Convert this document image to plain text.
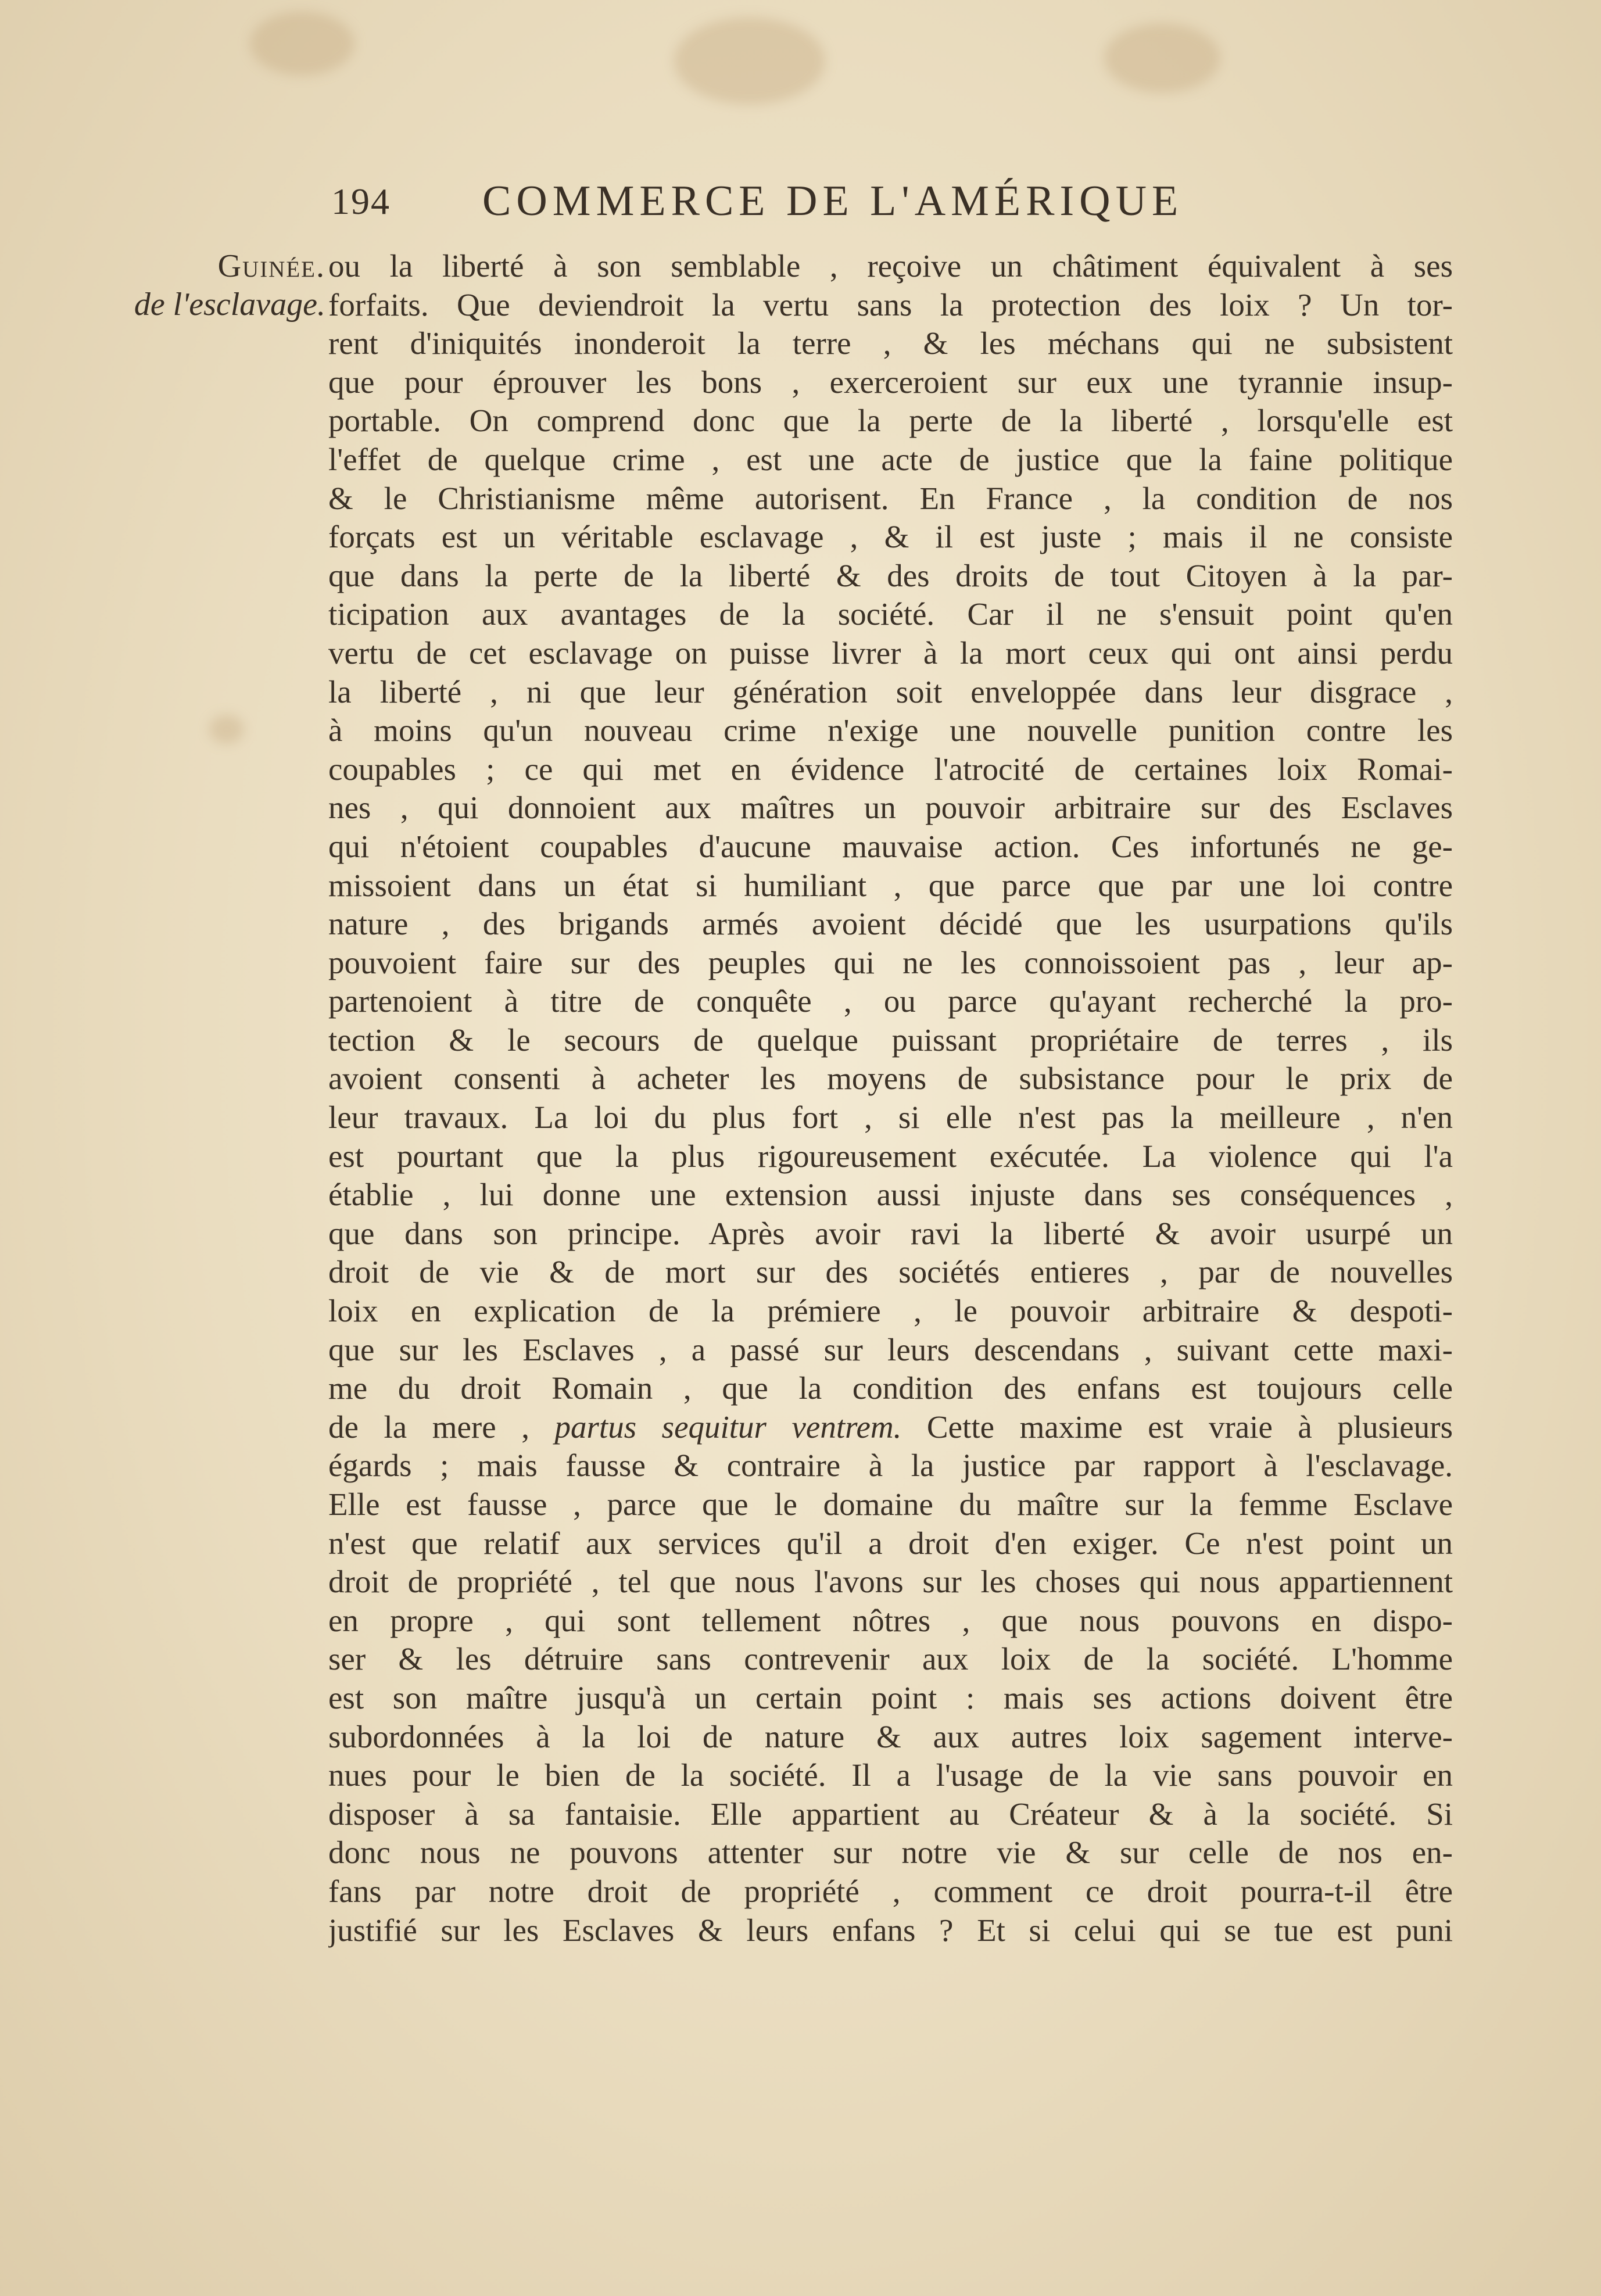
194 COMMERCE DE L'AMÉRIQUE
Guinée.
de l'esclavage.
ou la liberté à son semblable , reçoive un châtiment équivalent à ses
forfaits. Que deviendroit la vertu sans la protection des loix ? Un tor-
rent d'iniquités inonderoit la terre , & les méchans qui ne subsistent
que pour éprouver les bons , exerceroient sur eux une tyrannie insup-
portable. On comprend donc que la perte de la liberté , lorsqu'elle est
l'effet de quelque crime , est une acte de justice que la faine politique
& le Christianisme même autorisent. En France , la condition de nos
forçats est un véritable esclavage , & il est juste ; mais il ne consiste
que dans la perte de la liberté & des droits de tout Citoyen à la par-
ticipation aux avantages de la société. Car il ne s'ensuit point qu'en
vertu de cet esclavage on puisse livrer à la mort ceux qui ont ainsi perdu
la liberté , ni que leur génération soit enveloppée dans leur disgrace ,
à moins qu'un nouveau crime n'exige une nouvelle punition contre les
coupables ; ce qui met en évidence l'atrocité de certaines loix Romai-
nes , qui donnoient aux maîtres un pouvoir arbitraire sur des Esclaves
qui n'étoient coupables d'aucune mauvaise action. Ces infortunés ne ge-
missoient dans un état si humiliant , que parce que par une loi contre
nature , des brigands armés avoient décidé que les usurpations qu'ils
pouvoient faire sur des peuples qui ne les connoissoient pas , leur ap-
partenoient à titre de conquête , ou parce qu'ayant recherché la pro-
tection & le secours de quelque puissant propriétaire de terres , ils
avoient consenti à acheter les moyens de subsistance pour le prix de
leur travaux. La loi du plus fort , si elle n'est pas la meilleure , n'en
est pourtant que la plus rigoureusement exécutée. La violence qui l'a
établie , lui donne une extension aussi injuste dans ses conséquences ,
que dans son principe. Après avoir ravi la liberté & avoir usurpé un
droit de vie & de mort sur des sociétés entieres , par de nouvelles
loix en explication de la prémiere , le pouvoir arbitraire & despoti-
que sur les Esclaves , a passé sur leurs descendans , suivant cette maxi-
me du droit Romain , que la condition des enfans est toujours celle
de la mere , partus sequitur ventrem. Cette maxime est vraie à plusieurs
égards ; mais fausse & contraire à la justice par rapport à l'esclavage.
Elle est fausse , parce que le domaine du maître sur la femme Esclave
n'est que relatif aux services qu'il a droit d'en exiger. Ce n'est point un
droit de propriété , tel que nous l'avons sur les choses qui nous appartiennent
en propre , qui sont tellement nôtres , que nous pouvons en dispo-
ser & les détruire sans contrevenir aux loix de la société. L'homme
est son maître jusqu'à un certain point : mais ses actions doivent être
subordonnées à la loi de nature & aux autres loix sagement interve-
nues pour le bien de la société. Il a l'usage de la vie sans pouvoir en
disposer à sa fantaisie. Elle appartient au Créateur & à la société. Si
donc nous ne pouvons attenter sur notre vie & sur celle de nos en-
fans par notre droit de propriété , comment ce droit pourra-t-il être
justifié sur les Esclaves & leurs enfans ? Et si celui qui se tue est puni
